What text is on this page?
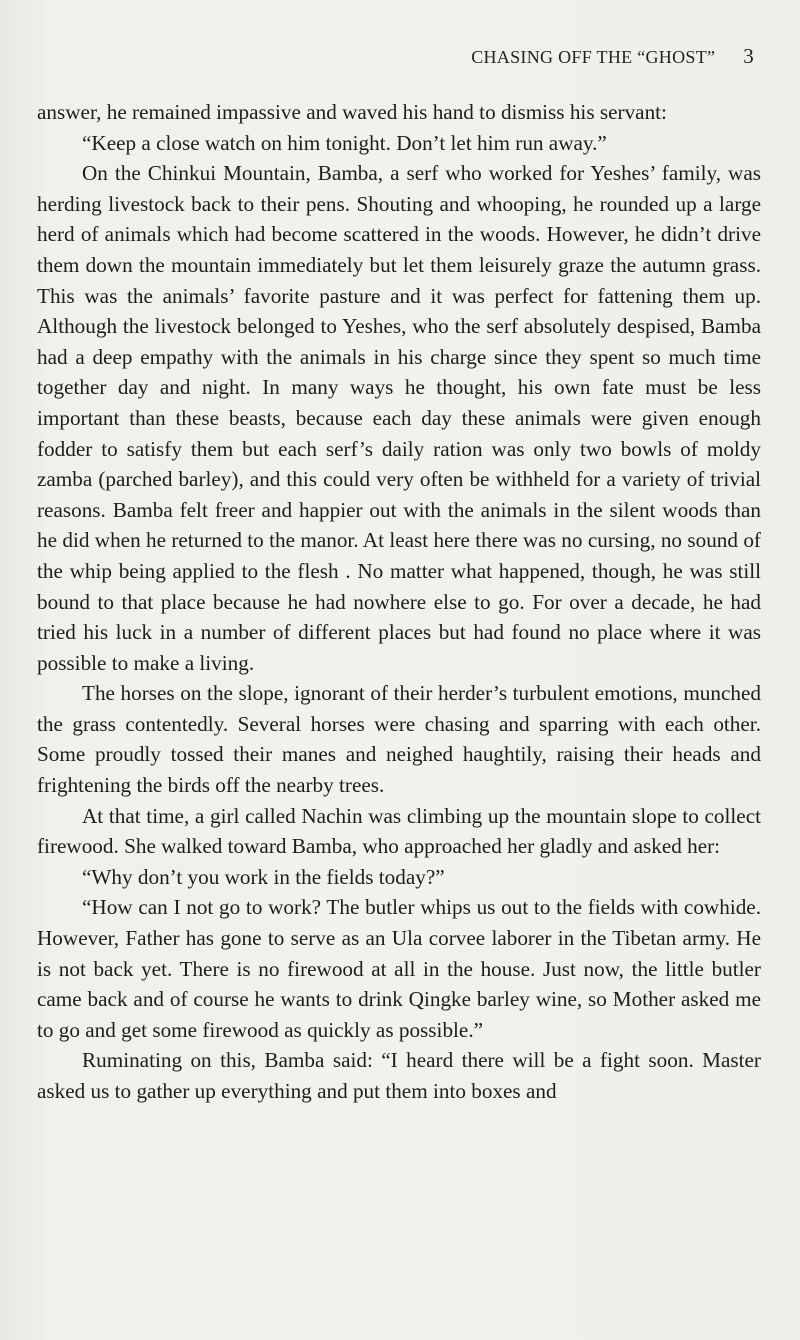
CHASING OFF THE “GHOST” 3

answer, he remained impassive and waved his hand to dismiss his servant:

“Keep a close watch on him tonight. Don’t let him run away.”

On the Chinkui Mountain, Bamba, a serf who worked for Yeshes’ family, was herding livestock back to their pens. Shouting and whooping, he rounded up a large herd of animals which had become scattered in the woods. However, he didn’t drive them down the mountain immediately but let them leisurely graze the autumn grass. This was the animals’ favorite pasture and it was perfect for fattening them up. Although the livestock belonged to Yeshes, who the serf absolutely despised, Bamba had a deep empathy with the animals in his charge since they spent so much time together day and night. In many ways he thought, his own fate must be less important than these beasts, because each day these animals were given enough fodder to satisfy them but each serf’s daily ration was only two bowls of moldy zamba (parched barley), and this could very often be withheld for a variety of trivial reasons. Bamba felt freer and happier out with the animals in the silent woods than he did when he returned to the manor. At least here there was no cursing, no sound of the whip being applied to the flesh . No matter what happened, though, he was still bound to that place because he had nowhere else to go. For over a decade, he had tried his luck in a number of different places but had found no place where it was possible to make a living.

The horses on the slope, ignorant of their herder’s turbulent emotions, munched the grass contentedly. Several horses were chasing and sparring with each other. Some proudly tossed their manes and neighed haughtily, raising their heads and frightening the birds off the nearby trees.

At that time, a girl called Nachin was climbing up the mountain slope to collect firewood. She walked toward Bamba, who approached her gladly and asked her:

“Why don’t you work in the fields today?”

“How can I not go to work? The butler whips us out to the fields with cowhide. However, Father has gone to serve as an Ula corvee laborer in the Tibetan army. He is not back yet. There is no firewood at all in the house. Just now, the little butler came back and of course he wants to drink Qingke barley wine, so Mother asked me to go and get some firewood as quickly as possible.”

Ruminating on this, Bamba said: “I heard there will be a fight soon. Master asked us to gather up everything and put them into boxes and
